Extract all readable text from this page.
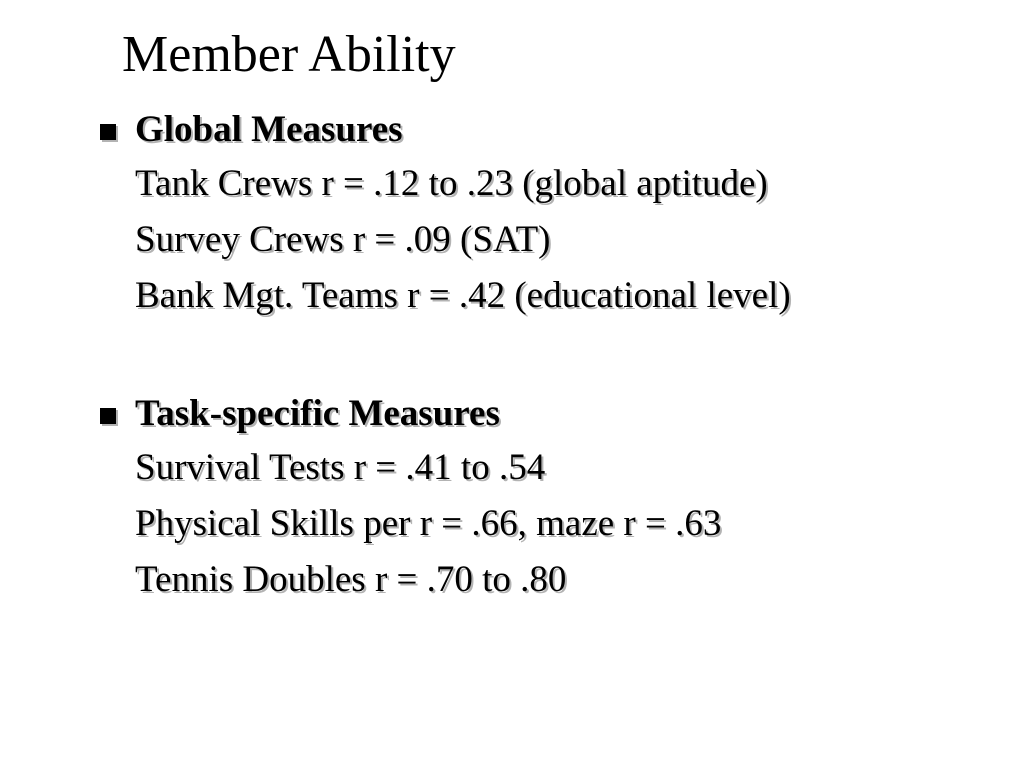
Member Ability
Global Measures
Tank Crews r = .12 to .23 (global aptitude)
Survey Crews r = .09 (SAT)
Bank Mgt. Teams r = .42 (educational level)
Task-specific Measures
Survival Tests r = .41 to .54
Physical Skills per r = .66, maze r = .63
Tennis Doubles r = .70 to .80
